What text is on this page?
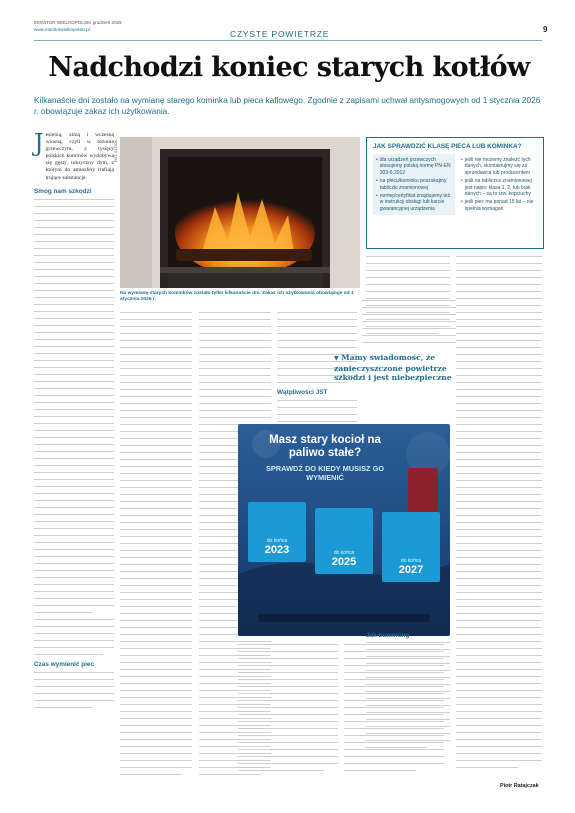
MONITOR WIELKOPOLSKI grudzień 2025
www.monitorwielkopolski.pl	CZYSTE POWIETRZE	9
Nadchodzi koniec starych kotłów
Kilkanaście dni zostało na wymianę starego kominka lub pieca kaflowego. Zgodnie z zapisami uchwał antysmogowych od 1 stycznia 2026 r. obowiązuje zakaz ich użytkowania.
J esienią, zimą i wczesną wiosną, czyli w sezonie grzewczym, z tysięcy polskich kominów wydobywa się gęsty, toksyczny dym, z którym do atmosfery trafiają trujące substancje.
Smog nam szkodzi
Czas wymienić piec
FOT. STOCK
Na wymianę starych kominków zostało tylko kilkanaście dni. Zakaz ich użytkowania obowiązuje od 1 stycznia 2026 r.
Wątpliwości JST
▼ Mamy świadomość, że zanieczyszczone powietrze szkodzi i jest niebezpieczne
Masz stary kocioł na paliwo stałe?
SPRAWDŹ DO KIEDY MUSISZ GO WYMIENIĆ
do końca
2023	do końca
2025	do końca
2027
JAK SPRAWDZIĆ KLASĘ PIECA LUB KOMINKA?
• dla urządzeń grzewczych stosujemy polską normę PN-EN 303-5:2012
• na piecu/kominku poszukajmy tabliczki znamionowej
• normę/certyfikat znajdujemy też w instrukcji obsługi lub karcie gwarancyjnej urządzenia
• jeśli nie możemy znaleźć tych danych, skontaktujmy się ze sprzedawcą lub producentem
• jeśli na tabliczce znamionowej jest napis: klasa 1, 2, lub brak danych – są to tzw. kopciuchy
• jeśli piec ma ponad 15 lat – nie spełnia wymagań
Jak bumerang
Piotr Ratajczak
